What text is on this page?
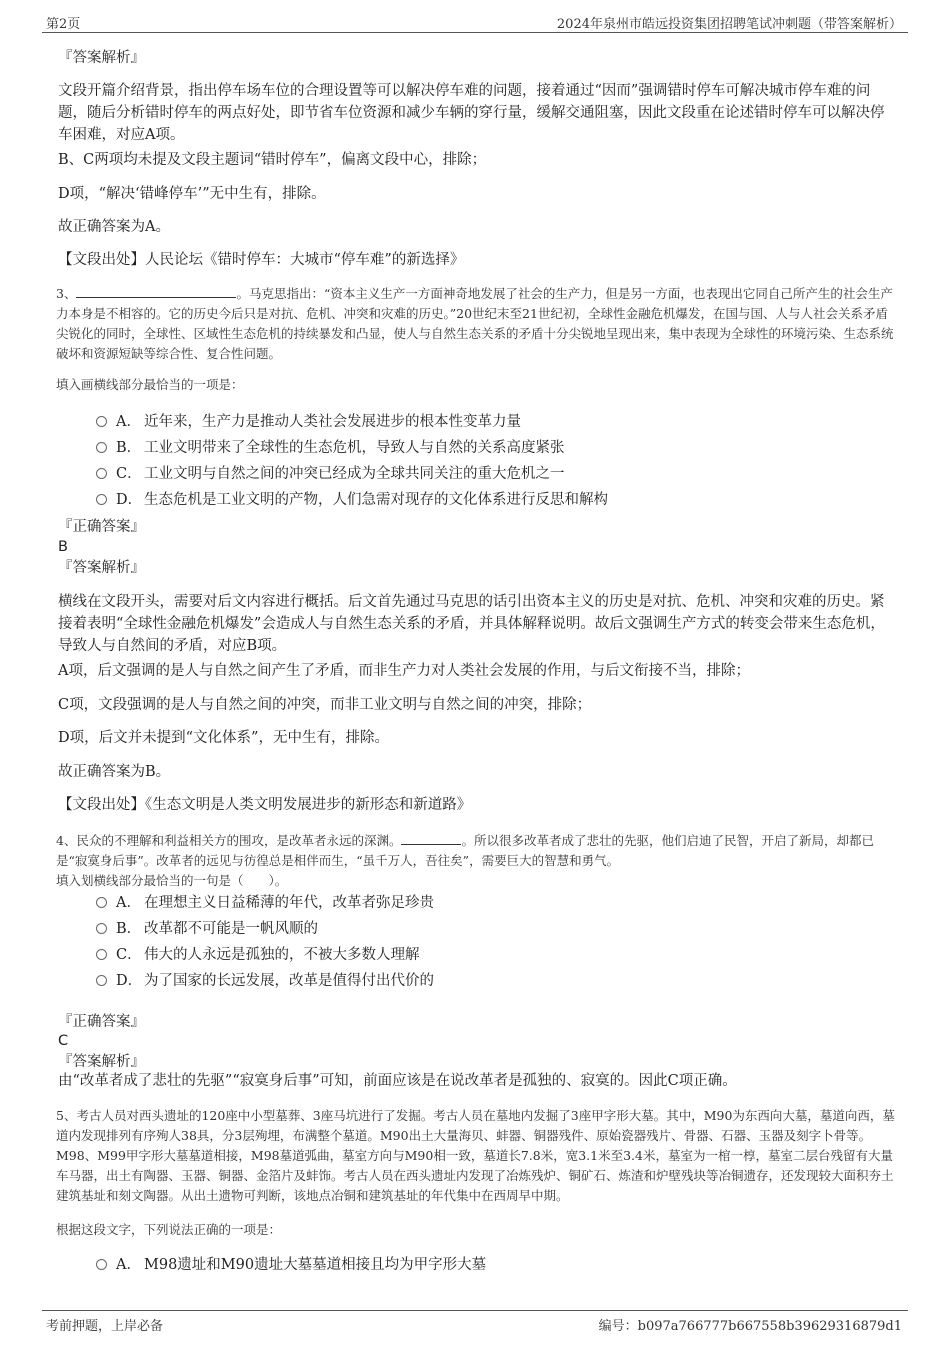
第2页	2024年泉州市皓远投资集团招聘笔试冲刺题（带答案解析）
『答案解析』
文段开篇介绍背景，指出停车场车位的合理设置等可以解决停车难的问题，接着通过“因而”强调错时停车可解决城市停车难的问题，随后分析错时停车的两点好处，即节省车位资源和减少车辆的穿行量，缓解交通阻塞，因此文段重在论述错时停车可以解决停车困难，对应A项。
B、C两项均未提及文段主题词“错时停车”，偏离文段中心，排除；
D项，“解决‘错峰停车’”无中生有，排除。
故正确答案为A。
【文段出处】人民论坛《错时停车：大城市“停车难”的新选择》
3、	。马克思指出：“资本主义生产一方面神奇地发展了社会的生产力，但是另一方面，也表现出它同自己所产生的社会生产力本身是不相容的。它的历史今后只是对抗、危机、冲突和灾难的历史。”20世纪末至21世纪初，全球性金融危机爆发，在国与国、人与人社会关系矛盾尖锐化的同时，全球性、区域性生态危机的持续暴发和凸显，使人与自然生态关系的矛盾十分尖锐地呈现出来，集中表现为全球性的环境污染、生态系统破坏和资源短缺等综合性、复合性问题。
填入画横线部分最恰当的一项是：
A． 近年来，生产力是推动人类社会发展进步的根本性变革力量
B． 工业文明带来了全球性的生态危机，导致人与自然的关系高度紧张
C． 工业文明与自然之间的冲突已经成为全球共同关注的重大危机之一
D． 生态危机是工业文明的产物，人们急需对现存的文化体系进行反思和解构
『正确答案』
B
『答案解析』
横线在文段开头，需要对后文内容进行概括。后文首先通过马克思的话引出资本主义的历史是对抗、危机、冲突和灾难的历史。紧接着表明“全球性金融危机爆发”会造成人与自然生态关系的矛盾，并具体解释说明。故后文强调生产方式的转变会带来生态危机，导致人与自然间的矛盾，对应B项。
A项，后文强调的是人与自然之间产生了矛盾，而非生产力对人类社会发展的作用，与后文衔接不当，排除；
C项，文段强调的是人与自然之间的冲突，而非工业文明与自然之间的冲突，排除；
D项，后文并未提到“文化体系”，无中生有，排除。
故正确答案为B。
【文段出处】《生态文明是人类文明发展进步的新形态和新道路》
4、民众的不理解和利益相关方的围攻，是改革者永远的深渊。	。所以很多改革者成了悲壮的先驱，他们启迪了民智，开启了新局，却都已是“寂寞身后事”。改革者的远见与彷徨总是相伴而生，“虽千万人，吾往矣”，需要巨大的智慧和勇气。
填入划横线部分最恰当的一句是（　　）。
A． 在理想主义日益稀薄的年代，改革者弥足珍贵
B． 改革都不可能是一帆风顺的
C． 伟大的人永远是孤独的，不被大多数人理解
D． 为了国家的长远发展，改革是值得付出代价的
『正确答案』
C
『答案解析』
由“改革者成了悲壮的先驱”“寂寞身后事”可知，前面应该是在说改革者是孤独的、寂寞的。因此C项正确。
5、考古人员对西头遗址的120座中小型墓葬、3座马坑进行了发掘。考古人员在墓地内发掘了3座甲字形大墓。其中，M90为东西向大墓，墓道向西，墓道内发现排列有序殉人38具，分3层殉埋，布满整个墓道。M90出土大量海贝、蚌器、铜器残件、原始瓷器残片、骨器、石器、玉器及刻字卜骨等。M98、M99甲字形大墓墓道相接，M98墓道弧曲，墓室方向与M90相一致，墓道长7.8米，宽3.1米至3.4米，墓室为一棺一椁，墓室二层台残留有大量车马器，出土有陶器、玉器、铜器、金箔片及蚌饰。考古人员在西头遗址内发现了冶炼残炉、铜矿石、炼渣和炉壁残块等冶铜遗存，还发现较大面积夯土建筑基址和刻文陶器。从出土遗物可判断，该地点冶铜和建筑基址的年代集中在西周早中期。
根据这段文字，下列说法正确的一项是：
A． M98遗址和M90遗址大墓墓道相接且均为甲字形大墓
考前押题，上岸必备	编号：b097a766777b667558b39629316879d1
